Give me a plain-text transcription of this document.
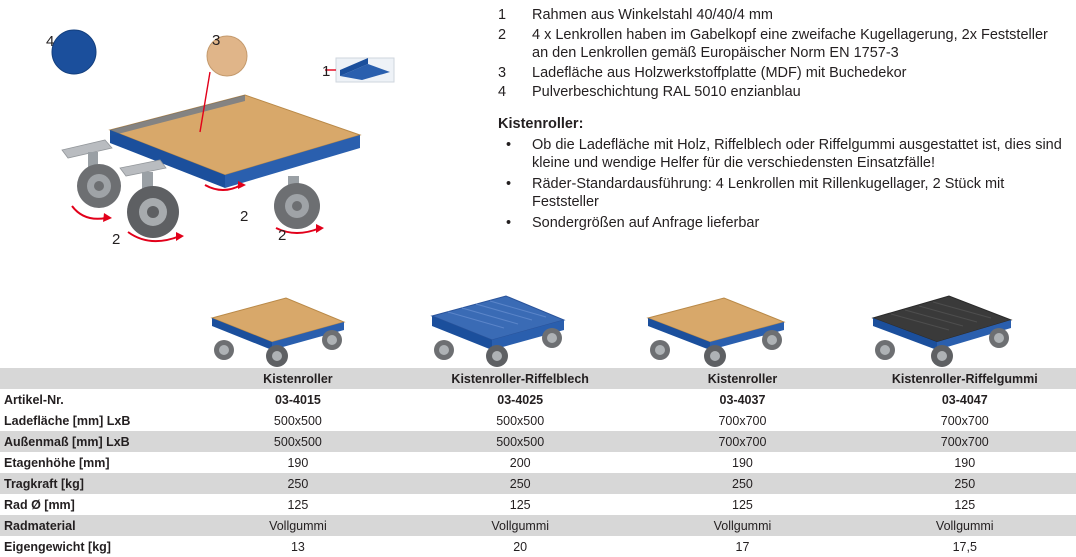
4	3
1
2
2
2
1	Rahmen aus Winkelstahl 40/40/4 mm
2	4 x Lenkrollen haben im Gabelkopf eine zweifache Kugellagerung, 2x Feststeller an den Lenkrollen gemäß Europäischer Norm EN 1757-3
3	Ladefläche aus Holzwerkstoffplatte (MDF) mit Buchedekor
4	Pulverbeschichtung RAL 5010 enzianblau
Kistenroller:
• Ob die Ladefläche mit Holz, Riffelblech oder Riffelgummi ausgestattet ist, dies sind kleine und wendige Helfer für die verschiedensten Einsatzfälle!
• Räder-Standardausführung: 4 Lenkrollen mit Rillenkugellager, 2 Stück mit Feststeller
• Sondergrößen auf Anfrage lieferbar
	Kistenroller	Kistenroller-Riffelblech	Kistenroller	Kistenroller-Riffelgummi
Artikel-Nr.	03-4015	03-4025	03-4037	03-4047
Ladefläche [mm] LxB	500x500	500x500	700x700	700x700
Außenmaß [mm] LxB	500x500	500x500	700x700	700x700
Etagenhöhe [mm]	190	200	190	190
Tragkraft [kg]	250	250	250	250
Rad Ø [mm]	125	125	125	125
Radmaterial	Vollgummi	Vollgummi	Vollgummi	Vollgummi
Eigengewicht [kg]	13	20	17	17,5
